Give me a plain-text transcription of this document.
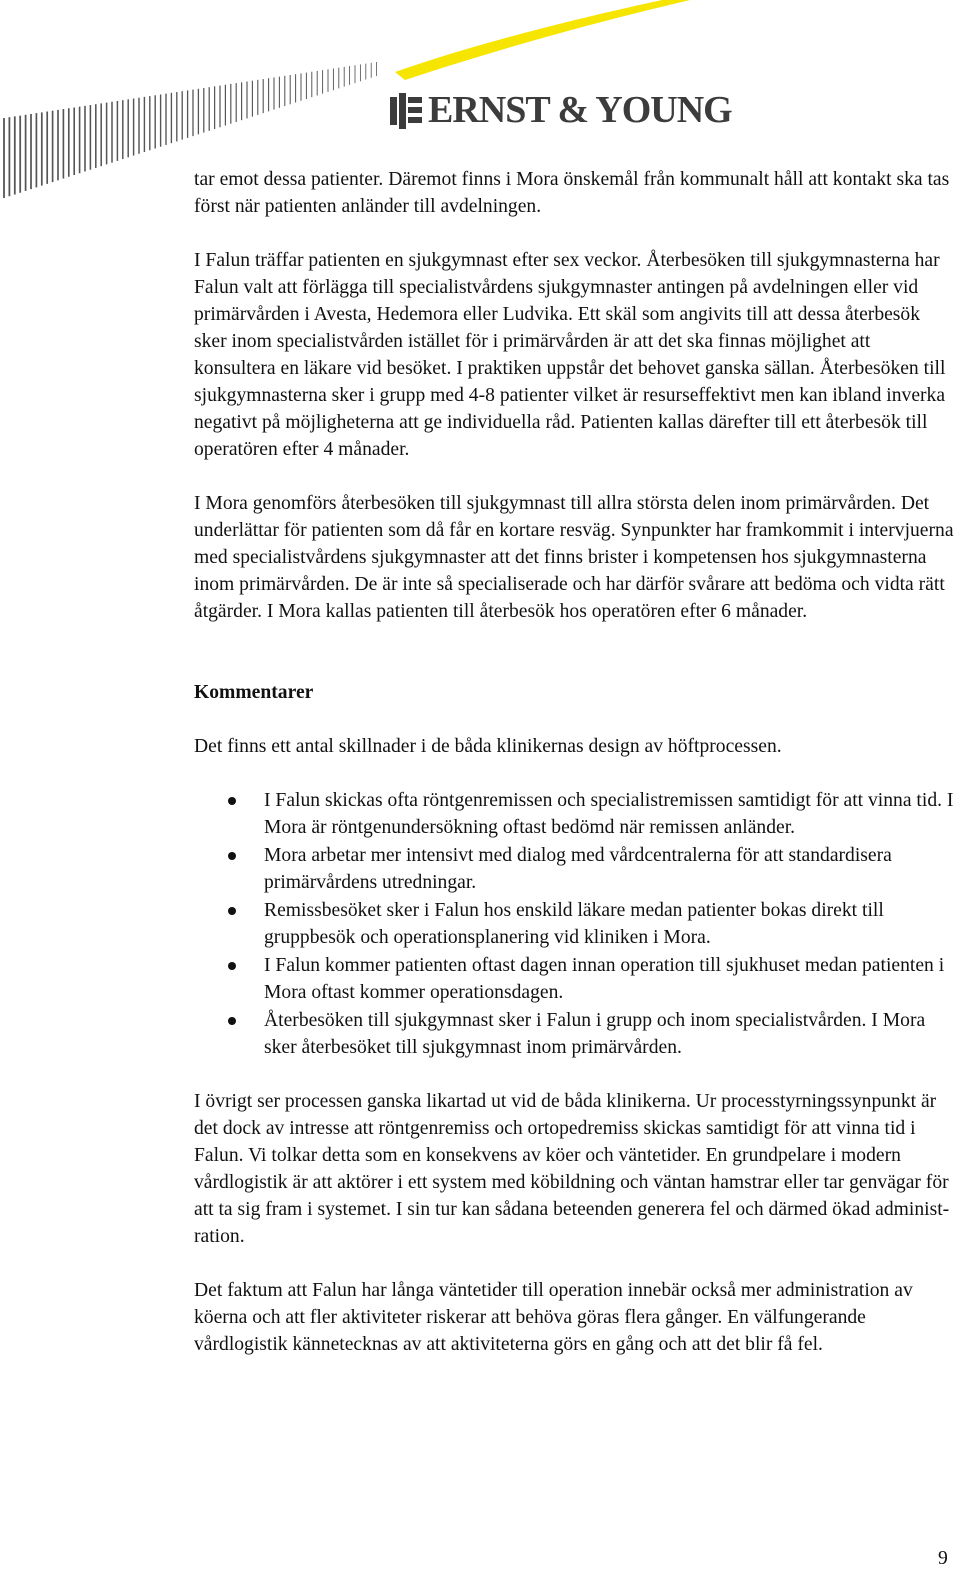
ERNST & YOUNG

tar emot dessa patienter. Däremot finns i Mora önskemål från kommunalt håll att kontakt ska tas först när patienten anländer till avdelningen.

I Falun träffar patienten en sjukgymnast efter sex veckor. Återbesöken till sjukgymnasterna har Falun valt att förlägga till specialistvårdens sjukgymnaster antingen på avdelningen eller vid primärvården i Avesta, Hedemora eller Ludvika. Ett skäl som angivits till att dessa återbesök sker inom specialistvården istället för i primärvården är att det ska finnas möjlighet att konsultera en läkare vid besöket. I praktiken uppstår det behovet ganska sällan. Återbesöken till sjukgymnasterna sker i grupp med 4-8 patienter vilket är resurseffektivt men kan ibland inverka negativt på möjligheterna att ge individuella råd. Patienten kallas därefter till ett återbesök till operatören efter 4 månader.

I Mora genomförs återbesöken till sjukgymnast till allra största delen inom primärvården. Det underlättar för patienten som då får en kortare resväg. Synpunkter har framkommit i intervjuerna med specialistvårdens sjukgymnaster att det finns brister i kompetensen hos sjukgymnasterna inom primärvården. De är inte så specialiserade och har därför svårare att bedöma och vidta rätt åtgärder. I Mora kallas patienten till återbesök hos operatören efter 6 månader.

Kommentarer

Det finns ett antal skillnader i de båda klinikernas design av höftprocessen.

I Falun skickas ofta röntgenremissen och specialistremissen samtidigt för att vinna tid. I Mora är röntgenundersökning oftast bedömd när remissen anländer.
Mora arbetar mer intensivt med dialog med vårdcentralerna för att standardisera primärvårdens utredningar.
Remissbesöket sker i Falun hos enskild läkare medan patienter bokas direkt till gruppbesök och operationsplanering vid kliniken i Mora.
I Falun kommer patienten oftast dagen innan operation till sjukhuset medan patienten i Mora oftast kommer operationsdagen.
Återbesöken till sjukgymnast sker i Falun i grupp och inom specialistvården. I Mora sker återbesöket till sjukgymnast inom primärvården.

I övrigt ser processen ganska likartad ut vid de båda klinikerna. Ur processtyrningssynpunkt är det dock av intresse att röntgenremiss och ortopedremiss skickas samtidigt för att vinna tid i Falun. Vi tolkar detta som en konsekvens av köer och väntetider. En grundpelare i modern vårdlogistik är att aktörer i ett system med köbildning och väntan hamstrar eller tar genvägar för att ta sig fram i systemet. I sin tur kan sådana beteenden generera fel och därmed ökad administration.

Det faktum att Falun har långa väntetider till operation innebär också mer administration av köerna och att fler aktiviteter riskerar att behöva göras flera gånger. En välfungerande vårdlogistik kännetecknas av att aktiviteterna görs en gång och att det blir få fel.

9
